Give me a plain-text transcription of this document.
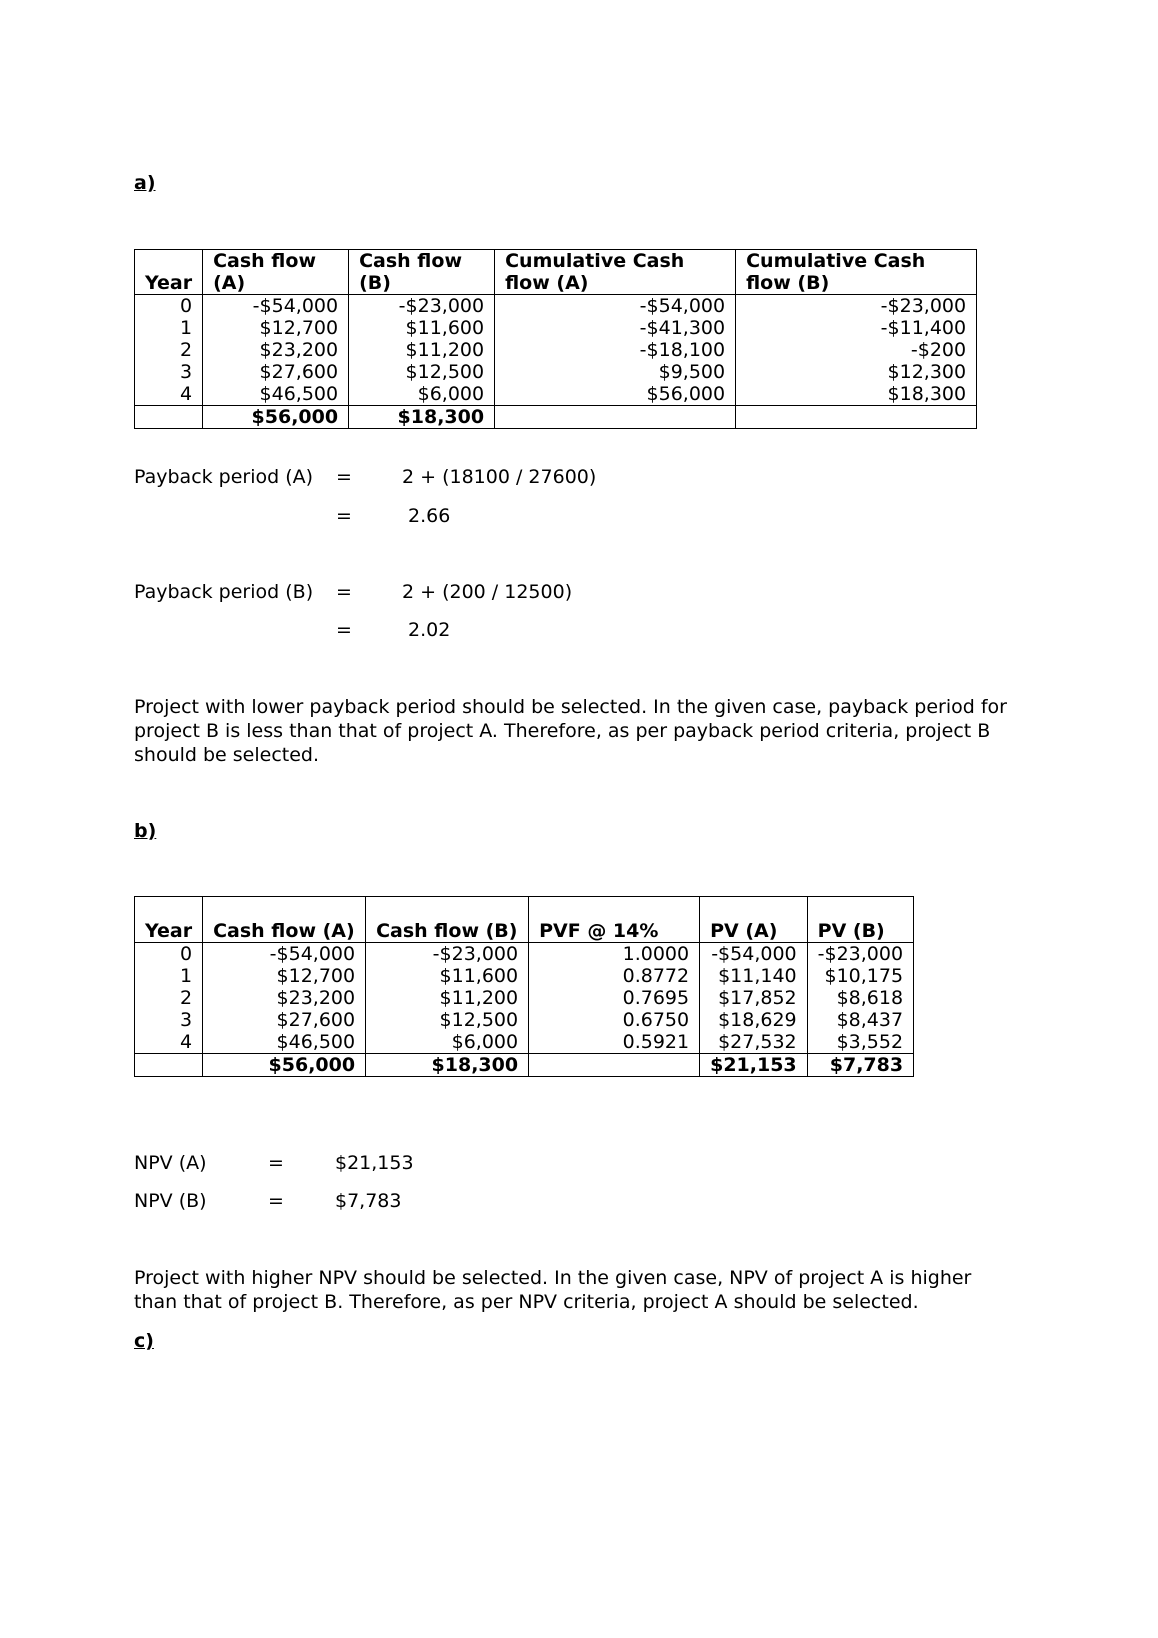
a)
Year	Cash flow (A)	Cash flow (B)	Cumulative Cash flow (A)	Cumulative Cash flow (B)
0	-$54,000	-$23,000	-$54,000	-$23,000
1	$12,700	$11,600	-$41,300	-$11,400
2	$23,200	$11,200	-$18,100	-$200
3	$27,600	$12,500	$9,500	$12,300
4	$46,500	$6,000	$56,000	$18,300
	$56,000	$18,300		
Payback period (A) =	2 + (18100 / 27600)
=	2.66
Payback period (B) =	2 + (200 / 12500)
=	2.02
Project with lower payback period should be selected. In the given case, payback period for project B is less than that of project A. Therefore, as per payback period criteria, project B should be selected.
b)
Year	Cash flow (A)	Cash flow (B)	PVF @ 14%	PV (A)	PV (B)
0	-$54,000	-$23,000	1.0000	-$54,000	-$23,000
1	$12,700	$11,600	0.8772	$11,140	$10,175
2	$23,200	$11,200	0.7695	$17,852	$8,618
3	$27,600	$12,500	0.6750	$18,629	$8,437
4	$46,500	$6,000	0.5921	$27,532	$3,552
	$56,000	$18,300		$21,153	$7,783
NPV (A)	=	$21,153
NPV (B)	=	$7,783
Project with higher NPV should be selected. In the given case, NPV of project A is higher than that of project B. Therefore, as per NPV criteria, project A should be selected.
c)
